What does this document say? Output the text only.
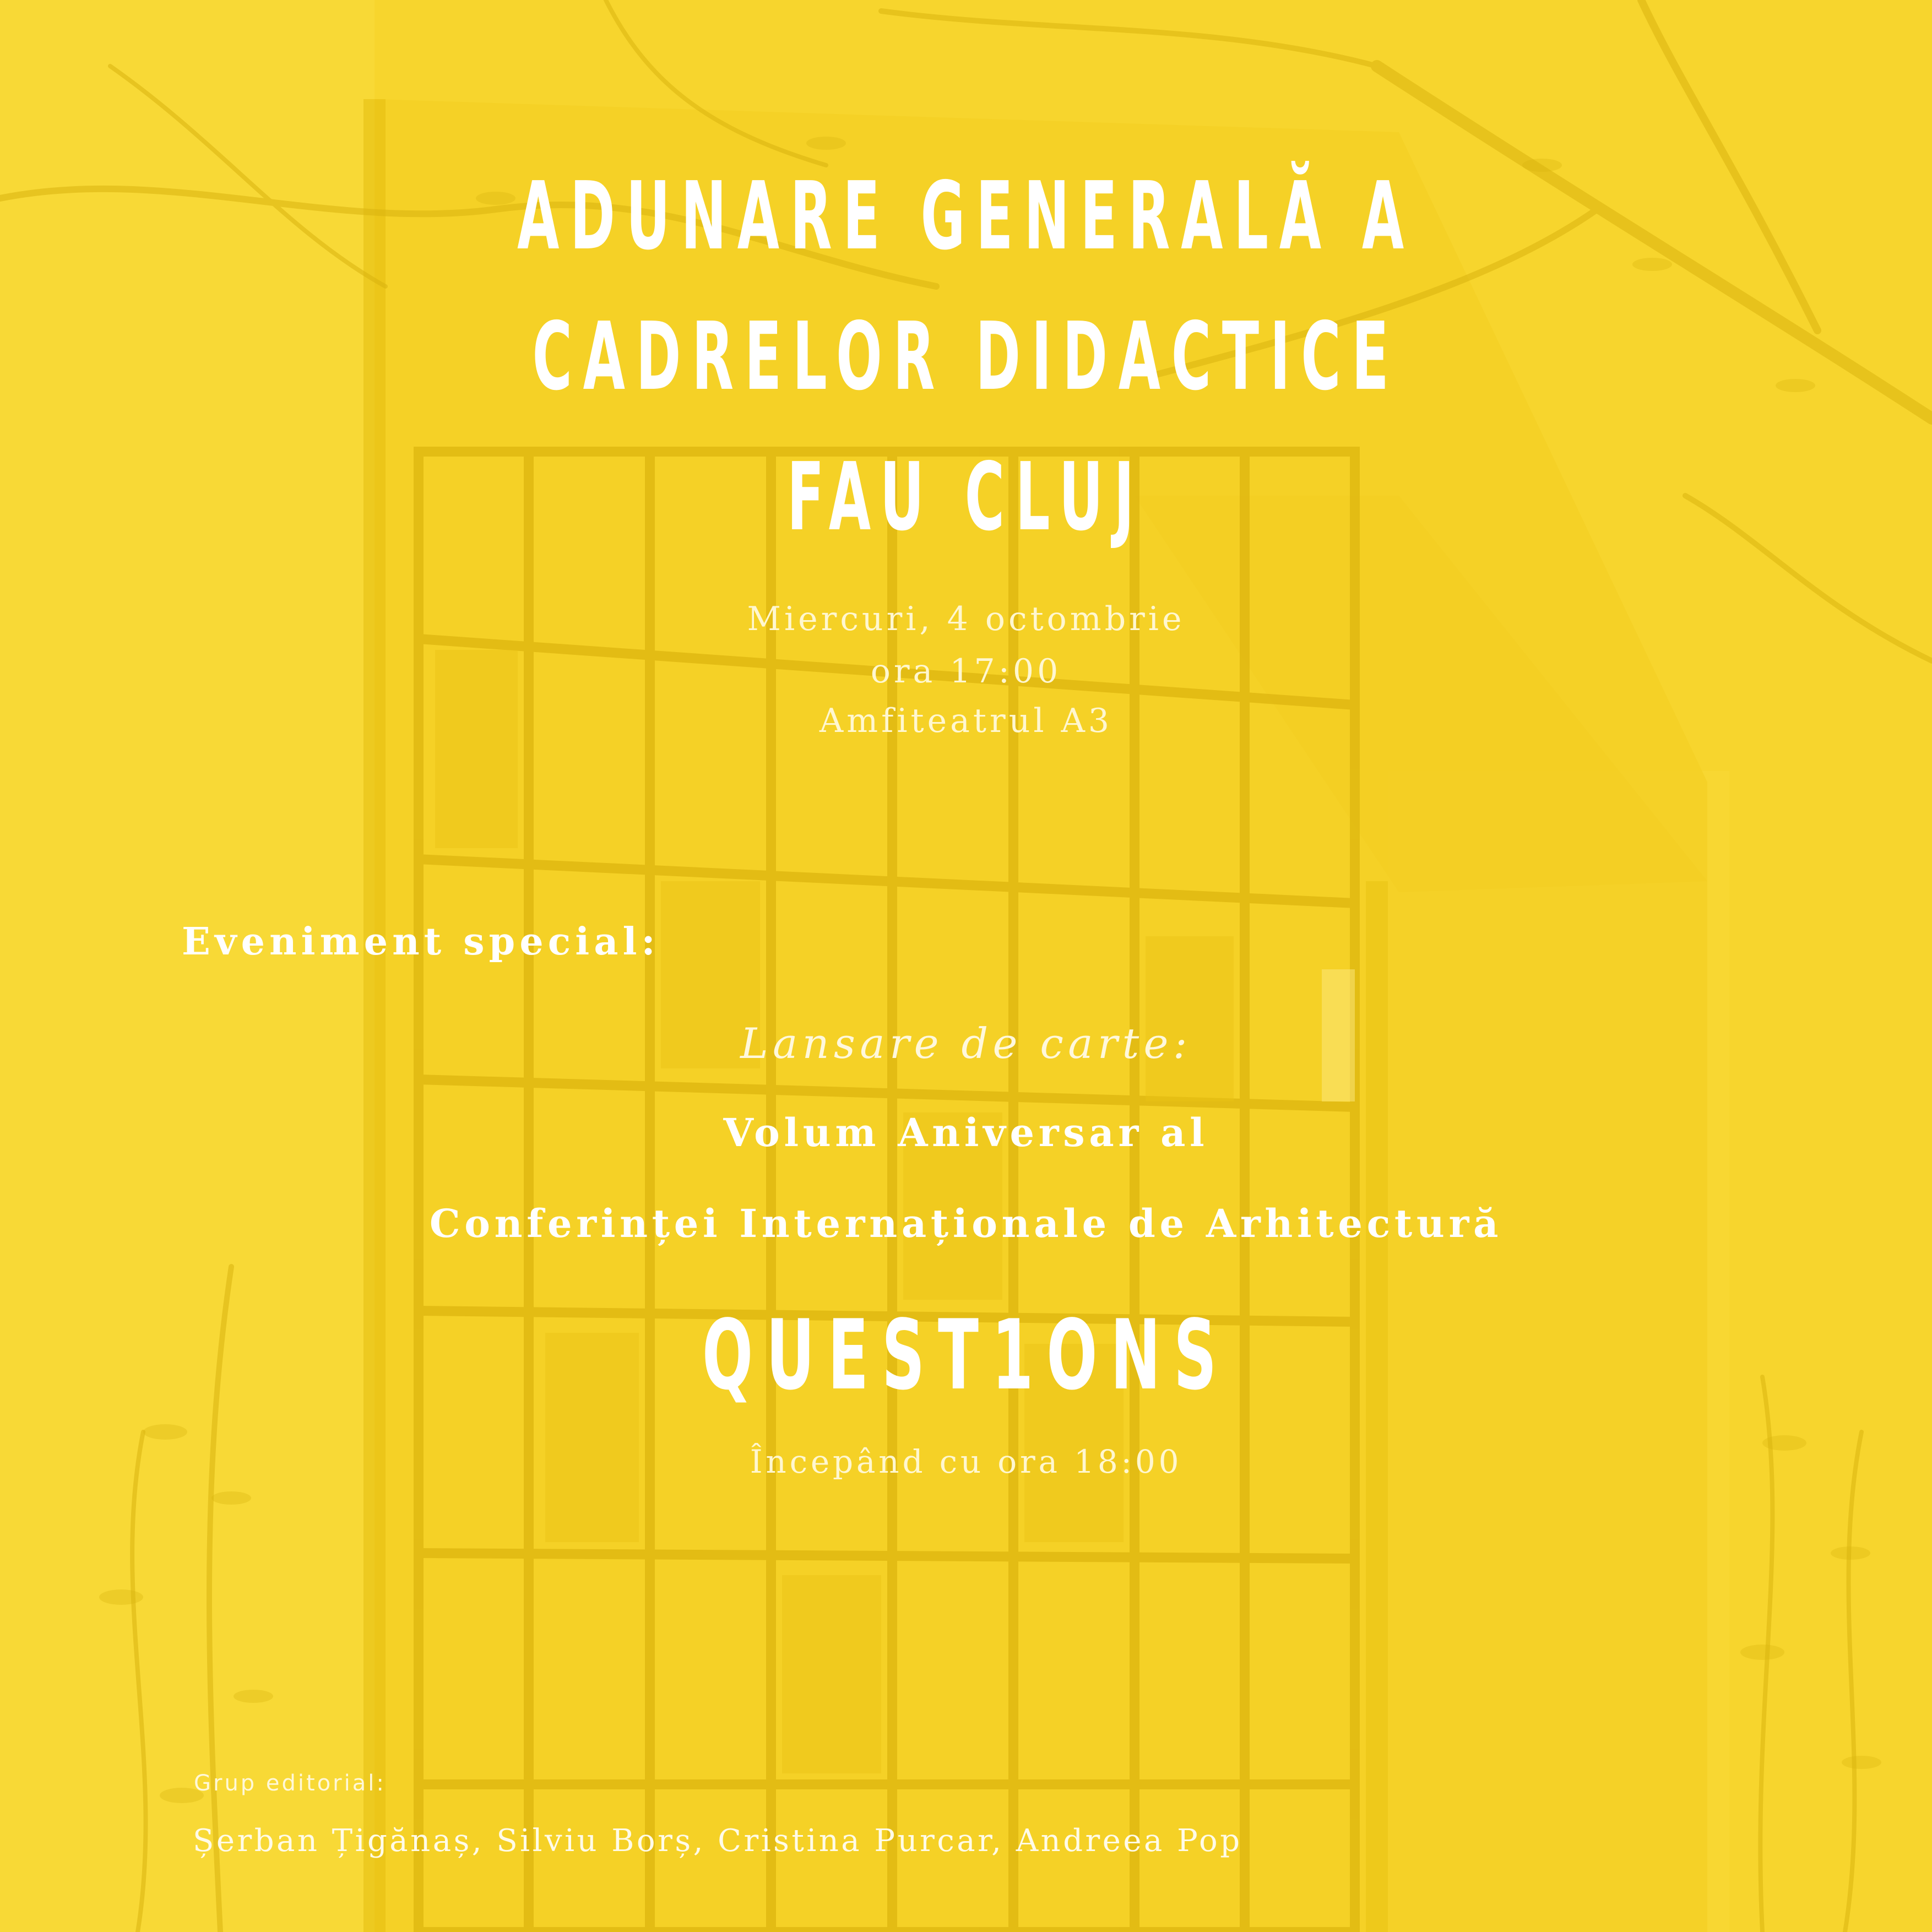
ADUNARE GENERALĂ A
CADRELOR DIDACTICE
FAU CLUJ
Miercuri, 4 octombrie
ora 17:00
Amfiteatrul A3
Eveniment special:
Lansare de carte:
Volum Aniversar al
Conferinței Internaționale de Arhitectură
QUEST1ONS
Începând cu ora 18:00
Grup editorial:
Șerban Țigănaș, Silviu Borș, Cristina Purcar, Andreea Pop
